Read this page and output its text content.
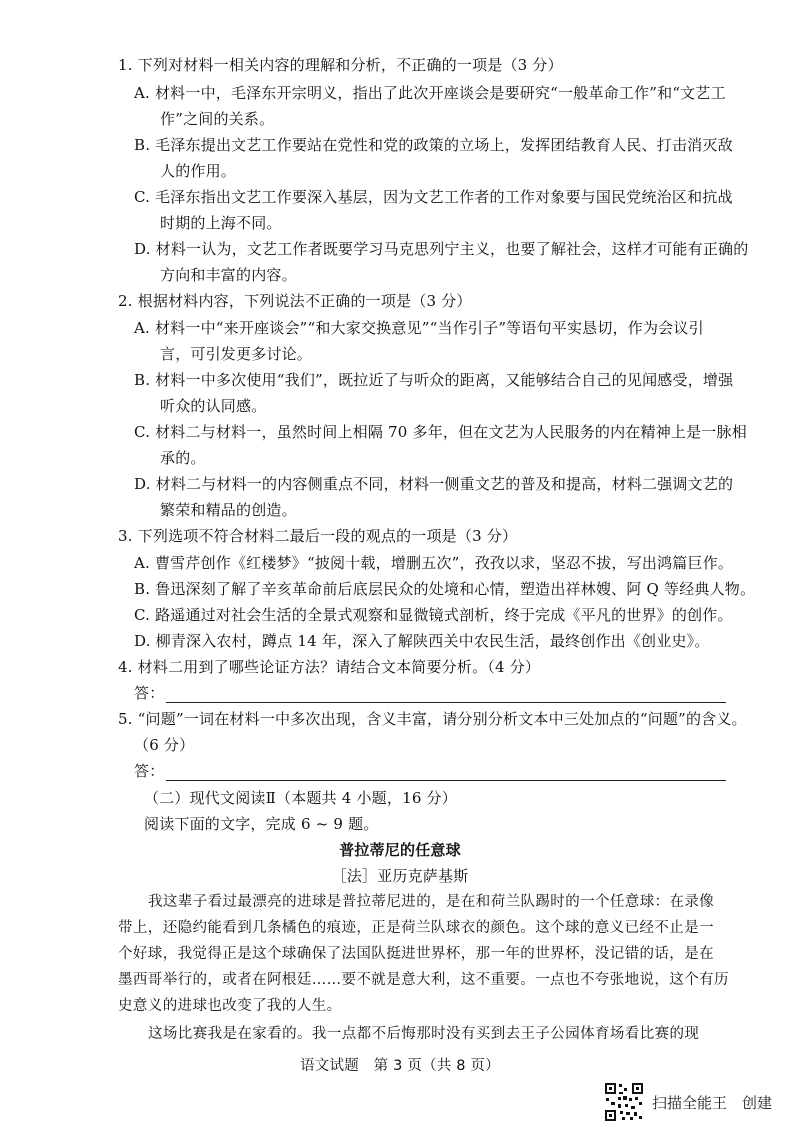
1. 下列对材料一相关内容的理解和分析，不正确的一项是（3 分）
A. 材料一中，毛泽东开宗明义，指出了此次开座谈会是要研究“一般革命工作”和“文艺工
作”之间的关系。
B. 毛泽东提出文艺工作要站在党性和党的政策的立场上，发挥团结教育人民、打击消灭敌
人的作用。
C. 毛泽东指出文艺工作要深入基层，因为文艺工作者的工作对象要与国民党统治区和抗战
时期的上海不同。
D. 材料一认为，文艺工作者既要学习马克思列宁主义，也要了解社会，这样才可能有正确的
方向和丰富的内容。
2. 根据材料内容，下列说法不正确的一项是（3 分）
A. 材料一中“来开座谈会”“和大家交换意见”“当作引子”等语句平实恳切，作为会议引
言，可引发更多讨论。
B. 材料一中多次使用“我们”，既拉近了与听众的距离，又能够结合自己的见闻感受，增强
听众的认同感。
C. 材料二与材料一，虽然时间上相隔 70 多年，但在文艺为人民服务的内在精神上是一脉相
承的。
D. 材料二与材料一的内容侧重点不同，材料一侧重文艺的普及和提高，材料二强调文艺的
繁荣和精品的创造。
3. 下列选项不符合材料二最后一段的观点的一项是（3 分）
A. 曹雪芹创作《红楼梦》“披阅十载，增删五次”，孜孜以求，坚忍不拔，写出鸿篇巨作。
B. 鲁迅深刻了解了辛亥革命前后底层民众的处境和心情，塑造出祥林嫂、阿 Q 等经典人物。
C. 路遥通过对社会生活的全景式观察和显微镜式剖析，终于完成《平凡的世界》的创作。
D. 柳青深入农村，蹲点 14 年，深入了解陕西关中农民生活，最终创作出《创业史》。
4. 材料二用到了哪些论证方法？请结合文本简要分析。（4 分）
答：
5. “问题”一词在材料一中多次出现，含义丰富，请分别分析文本中三处加点的“问题”的含义。
（6 分）
答：
（二）现代文阅读Ⅱ（本题共 4 小题，16 分）
阅读下面的文字，完成 6 ~ 9 题。
普拉蒂尼的任意球
［法］亚历克萨基斯
我这辈子看过最漂亮的进球是普拉蒂尼进的，是在和荷兰队踢时的一个任意球：在录像
带上，还隐约能看到几条橘色的痕迹，正是荷兰队球衣的颜色。这个球的意义已经不止是一
个好球，我觉得正是这个球确保了法国队挺进世界杯，那一年的世界杯，没记错的话，是在
墨西哥举行的，或者在阿根廷……要不就是意大利，这不重要。一点也不夸张地说，这个有历
史意义的进球也改变了我的人生。
这场比赛我是在家看的。我一点都不后悔那时没有买到去王子公园体育场看比赛的现
语文试题　第 3 页（共 8 页）
扫描全能王　创建
